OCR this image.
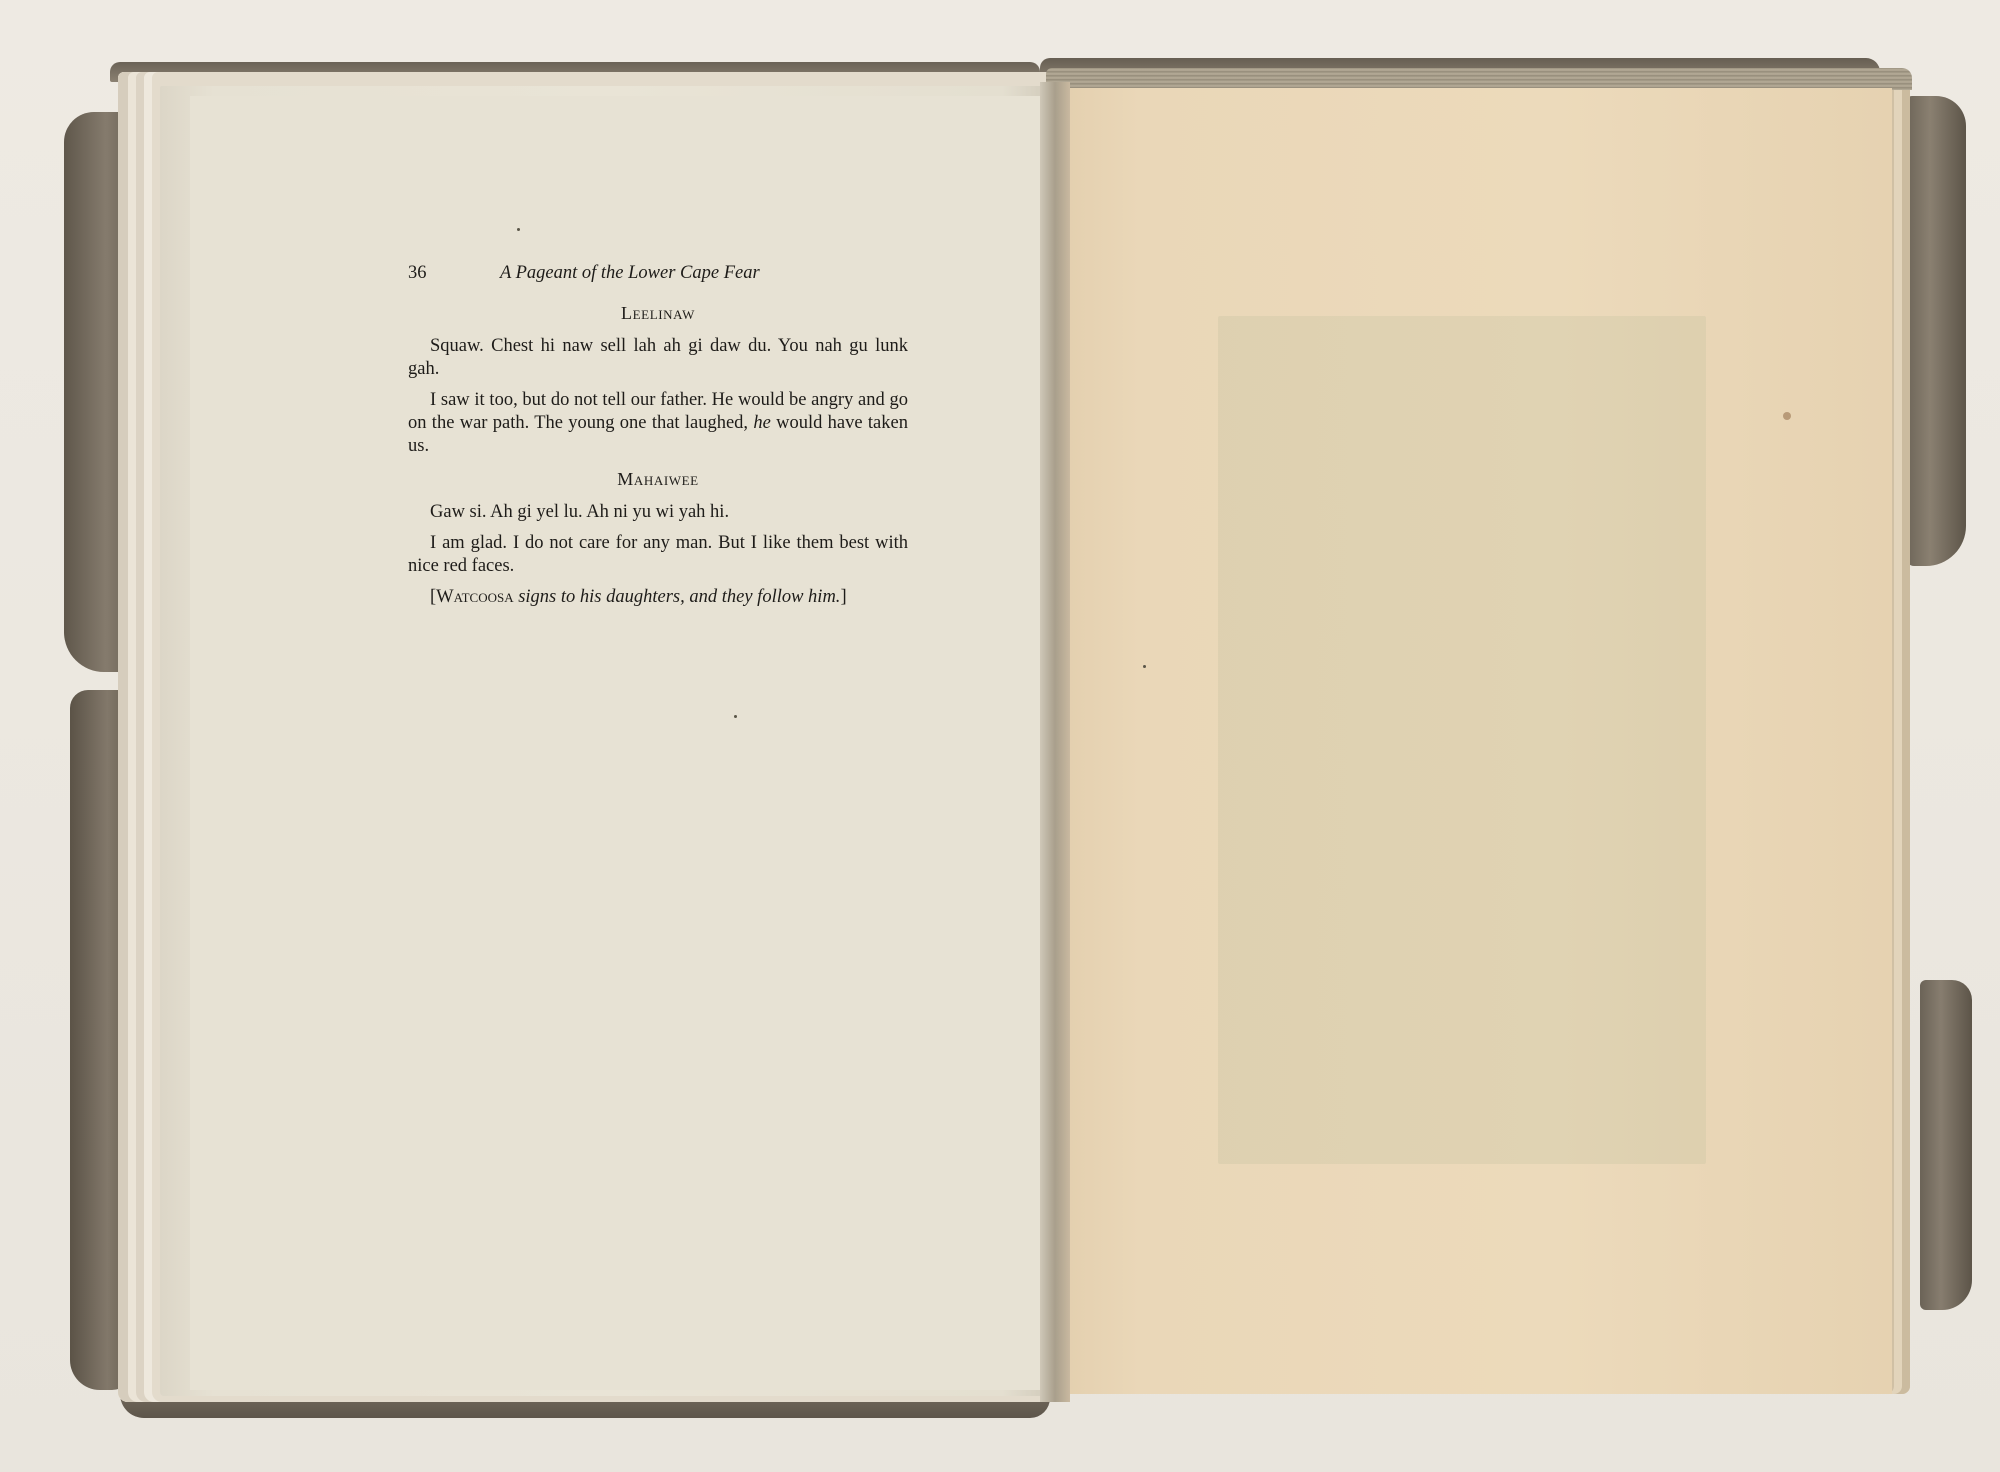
36	A Pageant of the Lower Cape Fear
Leelinaw

Squaw. Chest hi naw sell lah ah gi daw du. You nah gu lunk gah.

I saw it too, but do not tell our father. He would be angry and go on the war path. The young one that laughed, he would have taken us.

Mahaiwee

Gaw si. Ah gi yel lu. Ah ni yu wi yah hi.

I am glad. I do not care for any man. But I like them best with nice red faces.

[Watcoosa signs to his daughters, and they follow him.]
